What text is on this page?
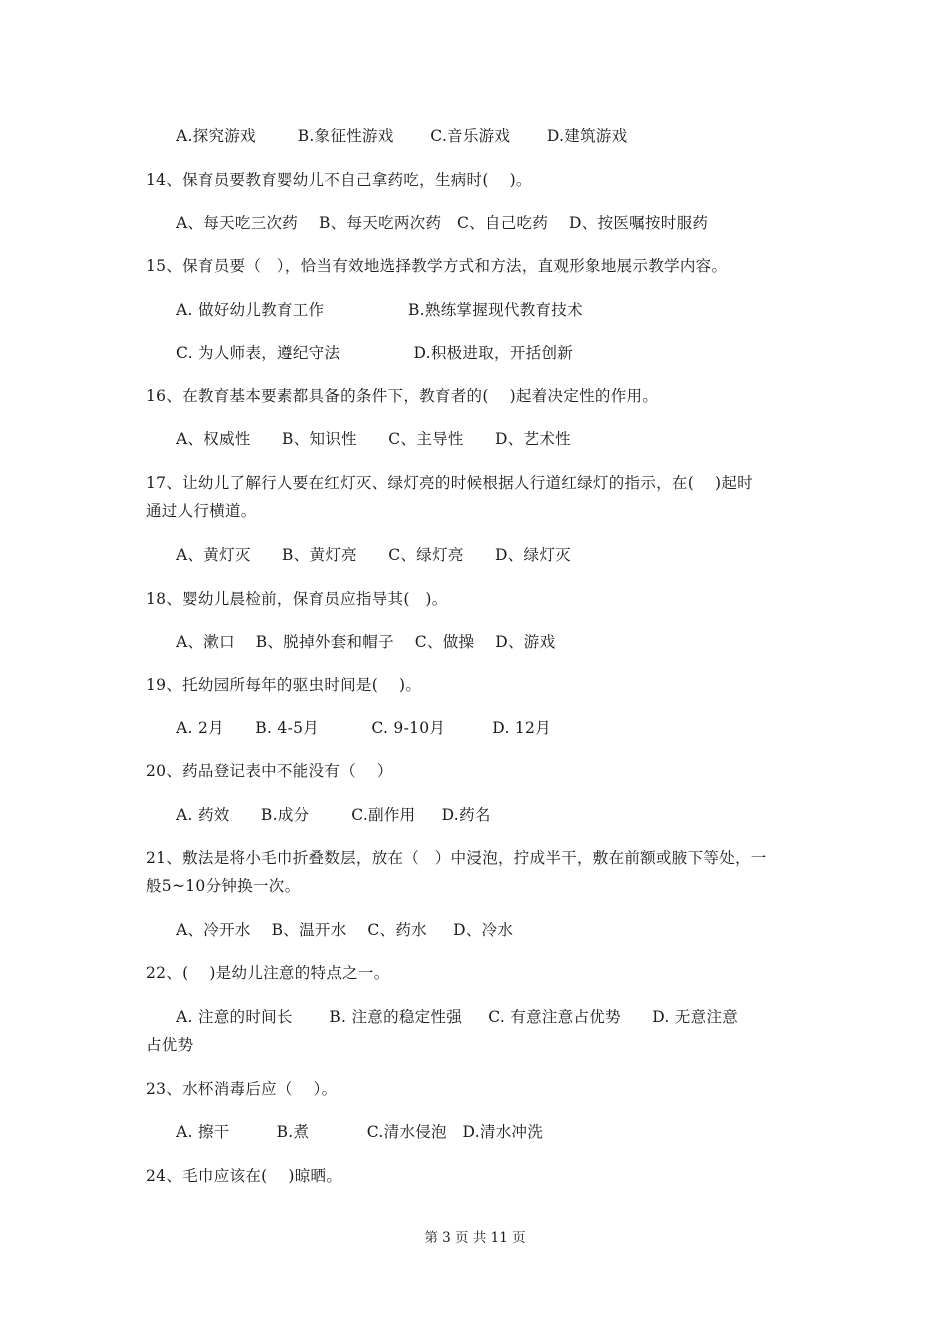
A.探究游戏        B.象征性游戏       C.音乐游戏       D.建筑游戏
14、保育员要教育婴幼儿不自己拿药吃，生病时(    )。
A、每天吃三次药    B、每天吃两次药   C、自己吃药    D、按医嘱按时服药
15、保育员要（   ），恰当有效地选择教学方式和方法，直观形象地展示教学内容。
A. 做好幼儿教育工作                B.熟练掌握现代教育技术
C. 为人师表，遵纪守法              D.积极进取，开括创新
16、在教育基本要素都具备的条件下，教育者的(    )起着决定性的作用。
A、权威性      B、知识性      C、主导性      D、艺术性
17、让幼儿了解行人要在红灯灭、绿灯亮的时候根据人行道红绿灯的指示，在(    )起时
通过人行横道。
A、黄灯灭      B、黄灯亮      C、绿灯亮      D、绿灯灭
18、婴幼儿晨检前，保育员应指导其(   )。
A、漱口    B、脱掉外套和帽子    C、做操    D、游戏
19、托幼园所每年的驱虫时间是(    )。
A. 2月      B. 4-5月          C. 9-10月         D. 12月
20、药品登记表中不能没有（    ）
A. 药效      B.成分        C.副作用     D.药名
21、敷法是将小毛巾折叠数层，放在（   ）中浸泡，拧成半干，敷在前额或腋下等处，一
般5~10分钟换一次。
A、冷开水    B、温开水    C、药水     D、冷水
22、(    )是幼儿注意的特点之一。
A. 注意的时间长       B. 注意的稳定性强     C. 有意注意占优势      D. 无意注意
占优势
23、水杯消毒后应（    ）。
A. 擦干         B.煮           C.清水侵泡   D.清水冲洗
24、毛巾应该在(    )晾晒。
第 3 页 共 11 页
